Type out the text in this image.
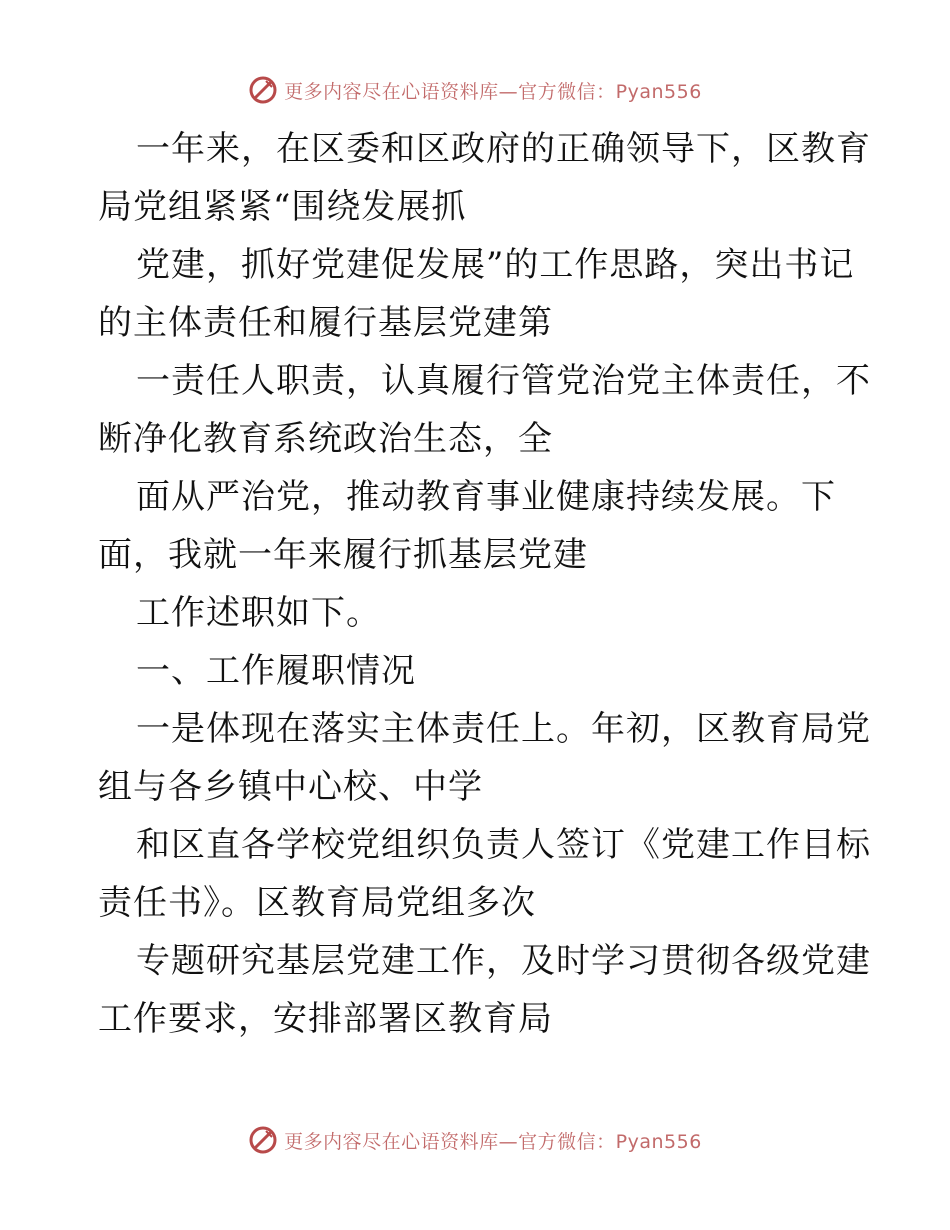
更多内容尽在心语资料库—官方微信：Pyan556
一年来，在区委和区政府的正确领导下，区教育
局党组紧紧“围绕发展抓
党建，抓好党建促发展”的工作思路，突出书记
的主体责任和履行基层党建第
一责任人职责，认真履行管党治党主体责任，不
断净化教育系统政治生态，全
面从严治党，推动教育事业健康持续发展。下
面，我就一年来履行抓基层党建
工作述职如下。
一、工作履职情况
一是体现在落实主体责任上。年初，区教育局党
组与各乡镇中心校、中学
和区直各学校党组织负责人签订《党建工作目标
责任书》。区教育局党组多次
专题研究基层党建工作，及时学习贯彻各级党建
工作要求，安排部署区教育局
更多内容尽在心语资料库—官方微信：Pyan556
